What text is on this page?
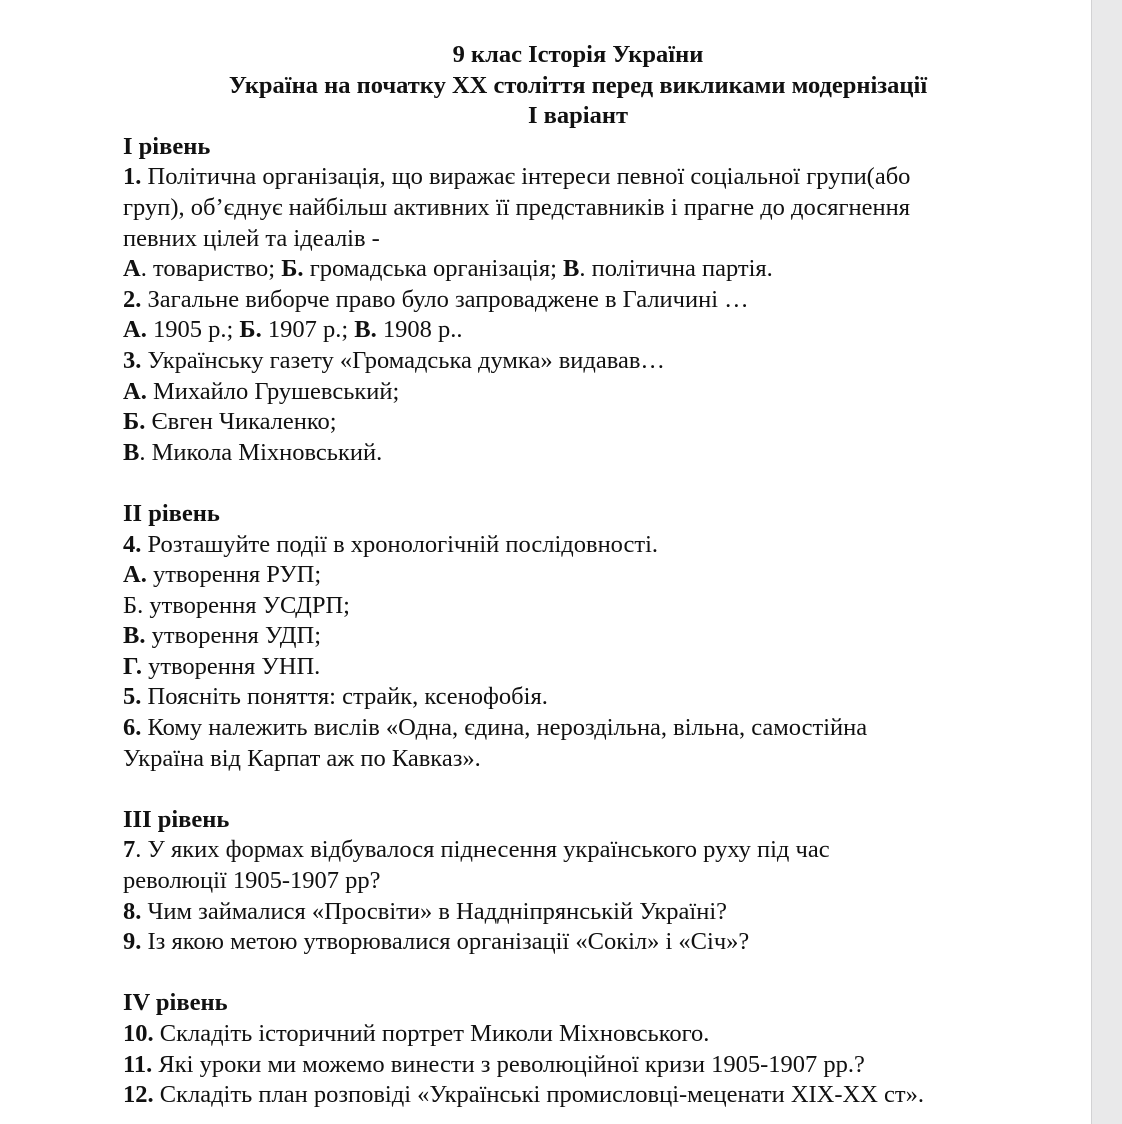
9 клас Історія України
Україна на початку ХХ століття перед викликами модернізації
І варіант
І рівень
1. Політична організація, що виражає інтереси певної соціальної групи(або
груп), об’єднує найбільш активних її представників і прагне до досягнення
певних цілей та ідеалів -
А. товариство; Б. громадська організація; В. політична партія.
2. Загальне виборче право було запроваджене в Галичині …
А. 1905 р.; Б. 1907 р.; В. 1908 р..
3. Українську газету «Громадська думка» видавав…
А. Михайло Грушевський;
Б. Євген Чикаленко;
В. Микола Міхновський.
ІІ рівень
4. Розташуйте події в хронологічній послідовності.
А. утворення РУП;
Б. утворення УСДРП;
В. утворення УДП;
Г. утворення УНП.
5. Поясніть поняття: страйк, ксенофобія.
6. Кому належить вислів «Одна, єдина, нероздільна, вільна, самостійна
Україна від Карпат аж по Кавказ».
ІІІ рівень
7. У яких формах відбувалося піднесення українського руху під час
революції 1905-1907 рр?
8. Чим займалися «Просвіти» в Наддніпрянській Україні?
9. Із якою метою утворювалися організації «Сокіл» і «Січ»?
ІV рівень
10. Складіть історичний портрет Миколи Міхновського.
11. Які уроки ми можемо винести з революційної кризи 1905-1907 рр.?
12. Складіть план розповіді «Українські промисловці-меценати ХІХ-ХХ ст».
